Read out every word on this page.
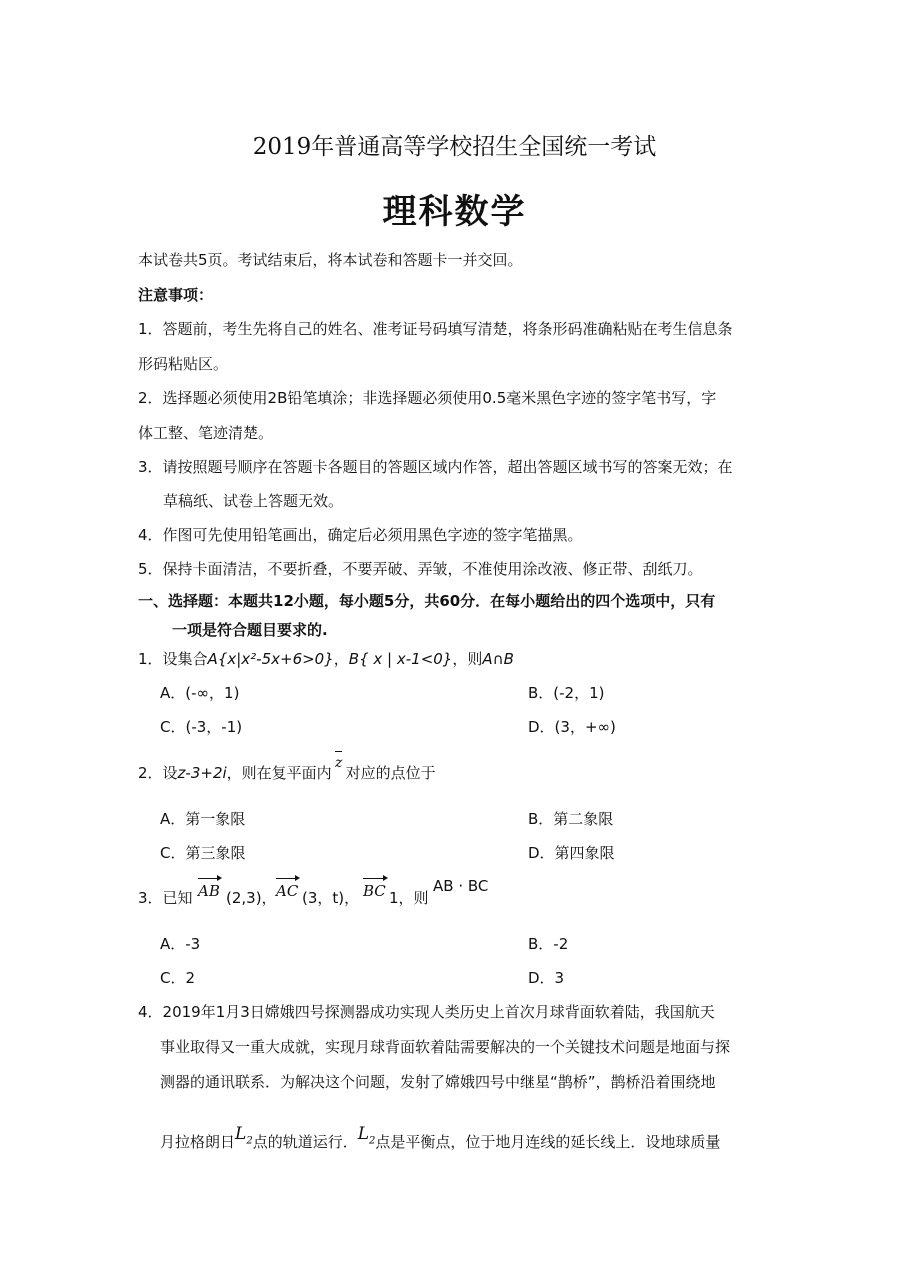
2019年普通高等学校招生全国统一考试
理科数学
本试卷共5页。考试结束后，将本试卷和答题卡一并交回。
注意事项：
1．答题前，考生先将自己的姓名、准考证号码填写清楚，将条形码准确粘贴在考生信息条
形码粘贴区。
2．选择题必须使用2B铅笔填涂；非选择题必须使用0.5毫米黑色字迹的签字笔书写，字
体工整、笔迹清楚。
3．请按照题号顺序在答题卡各题目的答题区域内作答，超出答题区域书写的答案无效；在
草稿纸、试卷上答题无效。
4．作图可先使用铅笔画出，确定后必须用黑色字迹的签字笔描黑。
5．保持卡面清洁，不要折叠，不要弄破、弄皱，不准使用涂改液、修正带、刮纸刀。
一、选择题：本题共12小题，每小题5分，共60分．在每小题给出的四个选项中，只有
一项是符合题目要求的.
1．设集合A{x|x²-5x+6>0}，B{ x | x-1<0}，则A∩B
A．(-∞，1)	B．(-2，1)
C．(-3，-1)	D．(3，+∞)
2．设z-3+2i，则在复平面内 对应的点位于
z
A．第一象限	B．第二象限
C．第三象限	D．第四象限
3．已知 AB (2,3)， AC (3，t)， BC 1，则
AB · BC
A．-3	B．-2
C．2	D．3
4．2019年1月3日嫦娥四号探测器成功实现人类历史上首次月球背面软着陆，我国航天
事业取得又一重大成就，实现月球背面软着陆需要解决的一个关键技术问题是地面与探
测器的通讯联系．为解决这个问题，发射了嫦娥四号中继星“鹊桥”，鹊桥沿着围绕地
月拉格朗日$L_2$点的轨道运行．$L_2$点是平衡点，位于地月连线的延长线上．设地球质量
